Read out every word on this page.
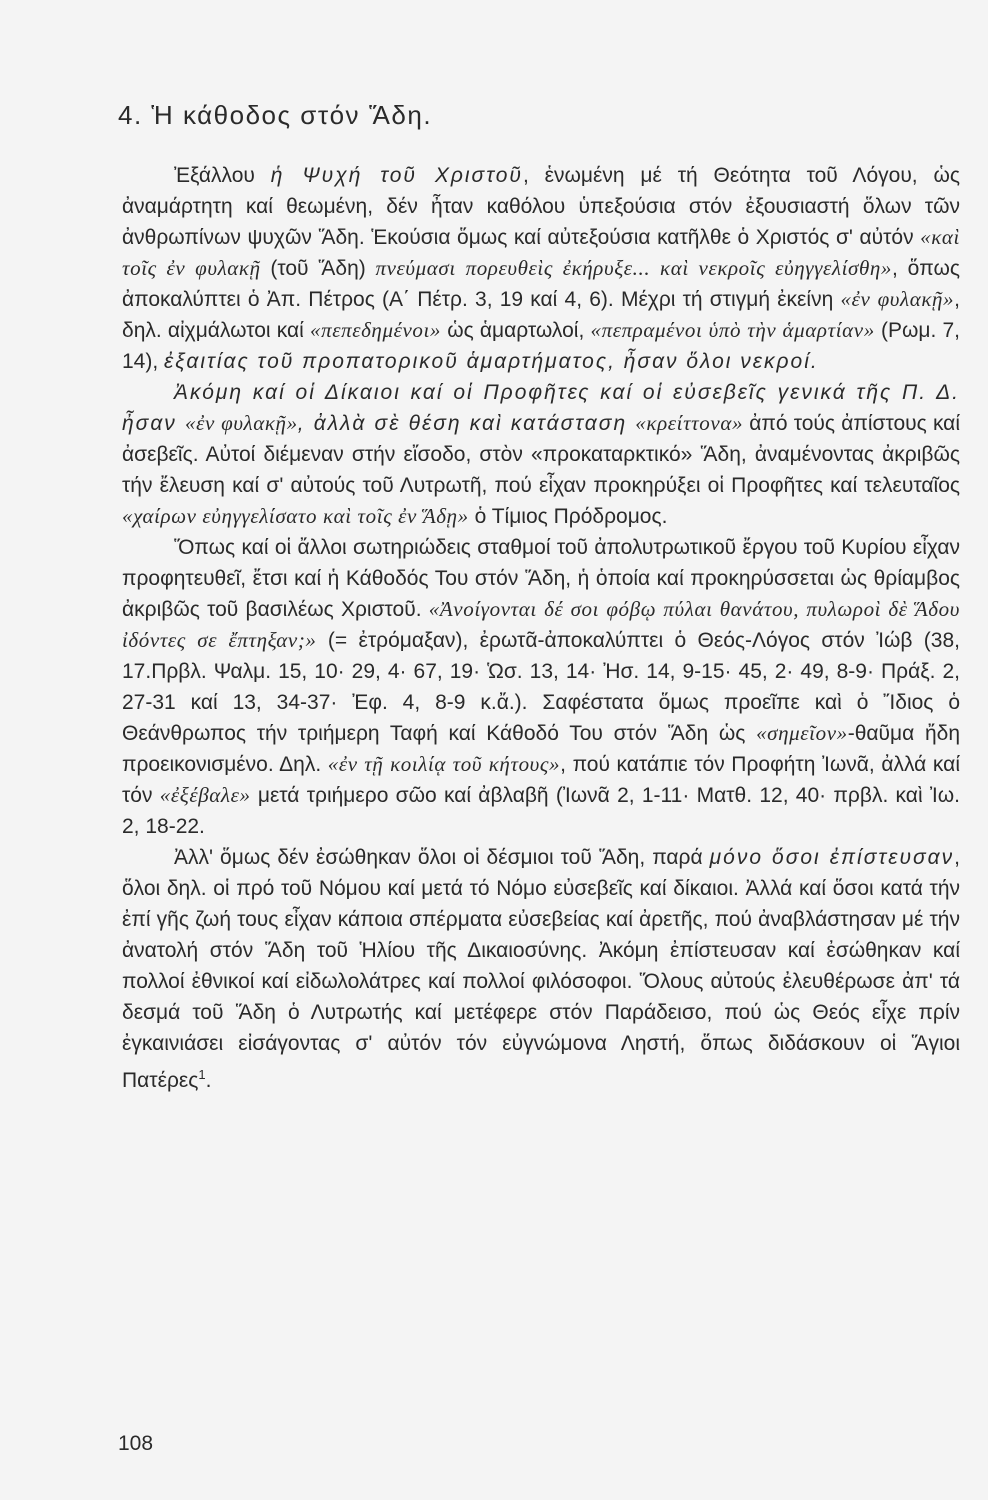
4. Ἡ κάθοδος στόν Ἅδη.

Ἐξάλλου ἡ Ψυχή τοῦ Χριστοῦ, ἑνωμένη μέ τή Θεότητα τοῦ Λόγου, ὡς ἀναμάρτητη καί θεωμένη, δέν ἦταν καθόλου ὑπεξούσια στόν ἐξουσιαστή ὅλων τῶν ἀνθρωπίνων ψυχῶν Ἅδη. Ἑκούσια ὅμως καί αὐτεξούσια κατῆλθε ὁ Χριστός σ' αὐτόν «καὶ τοῖς ἐν φυλακῇ (τοῦ Ἅδη) πνεύμασι πορευθεὶς ἐκήρυξε... καὶ νεκροῖς εὐηγγελίσθη», ὅπως ἀποκαλύπτει ὁ Ἀπ. Πέτρος (Α΄ Πέτρ. 3, 19 καί 4, 6). Μέχρι τή στιγμή ἐκείνη «ἐν φυλακῇ», δηλ. αἰχμάλωτοι καί «πεπεδημένοι» ὡς ἁμαρτωλοί, «πεπραμένοι ὑπὸ τὴν ἁμαρτίαν» (Ρωμ. 7, 14), ἐξαιτίας τοῦ προπατορικοῦ ἁμαρτήματος, ἦσαν ὅλοι νεκροί.

Ἀκόμη καί οἱ Δίκαιοι καί οἱ Προφῆτες καί οἱ εὐσεβεῖς γενικά τῆς Π. Δ. ἦσαν «ἐν φυλακῇ», ἀλλὰ σὲ θέση καὶ κατάσταση «κρείττονα» ἀπό τούς ἀπίστους καί ἀσεβεῖς. Αὐτοί διέμεναν στήν εἴσοδο, στὸν «προκαταρκτικό» Ἅδη, ἀναμένοντας ἀκριβῶς τήν ἔλευση καί σ' αὐτούς τοῦ Λυτρωτῆ, πού εἶχαν προκηρύξει οἱ Προφῆτες καί τελευταῖος «χαίρων εὐηγγελίσατο καὶ τοῖς ἐν Ἅδῃ» ὁ Τίμιος Πρόδρομος.

Ὅπως καί οἱ ἄλλοι σωτηριώδεις σταθμοί τοῦ ἀπολυτρωτικοῦ ἔργου τοῦ Κυρίου εἶχαν προφητευθεῖ, ἔτσι καί ἡ Κάθοδός Του στόν Ἅδη, ἡ ὁποία καί προκηρύσσεται ὡς θρίαμβος ἀκριβῶς τοῦ βασιλέως Χριστοῦ. «Ἀνοίγονται δέ σοι φόβῳ πύλαι θανάτου, πυλωροὶ δὲ Ἅδου ἰδόντες σε ἔπτηξαν;» (= ἐτρόμαξαν), ἐρωτᾶ-ἀποκαλύπτει ὁ Θεός-Λόγος στόν Ἰώβ (38, 17.Πρβλ. Ψαλμ. 15, 10· 29, 4· 67, 19· Ὡσ. 13, 14· Ἠσ. 14, 9-15· 45, 2· 49, 8-9· Πράξ. 2, 27-31 καί 13, 34-37· Ἐφ. 4, 8-9 κ.ἄ.). Σαφέστατα ὅμως προεῖπε καὶ ὁ Ἴδιος ὁ Θεάνθρωπος τήν τριήμερη Ταφή καί Κάθοδό Του στόν Ἅδη ὡς «σημεῖον»-θαῦμα ἤδη προεικονισμένο. Δηλ. «ἐν τῇ κοιλίᾳ τοῦ κήτους», πού κατάπιε τόν Προφήτη Ἰωνᾶ, ἀλλά καί τόν «ἐξέβαλε» μετά τριήμερο σῶο καί ἀβλαβῆ (Ἰωνᾶ 2, 1-11· Ματθ. 12, 40· πρβλ. καὶ Ἰω. 2, 18-22.

Ἀλλ' ὅμως δέν ἐσώθηκαν ὅλοι οἱ δέσμιοι τοῦ Ἅδη, παρά μόνο ὅσοι ἐπίστευσαν, ὅλοι δηλ. οἱ πρό τοῦ Νόμου καί μετά τό Νόμο εὐσεβεῖς καί δίκαιοι. Ἀλλά καί ὅσοι κατά τήν ἐπί γῆς ζωή τους εἶχαν κάποια σπέρματα εὐσεβείας καί ἀρετῆς, πού ἀναβλάστησαν μέ τήν ἀνατολή στόν Ἅδη τοῦ Ἡλίου τῆς Δικαιοσύνης. Ἀκόμη ἐπίστευσαν καί ἐσώθηκαν καί πολλοί ἐθνικοί καί εἰδωλολάτρες καί πολλοί φιλόσοφοι. Ὅλους αὐτούς ἐλευθέρωσε ἀπ' τά δεσμά τοῦ Ἅδη ὁ Λυτρωτής καί μετέφερε στόν Παράδεισο, πού ὡς Θεός εἶχε πρίν ἐγκαινιάσει εἰσάγοντας σ' αὐτόν τόν εὐγνώμονα Ληστή, ὅπως διδάσκουν οἱ Ἅγιοι Πατέρες$^1$.

108
